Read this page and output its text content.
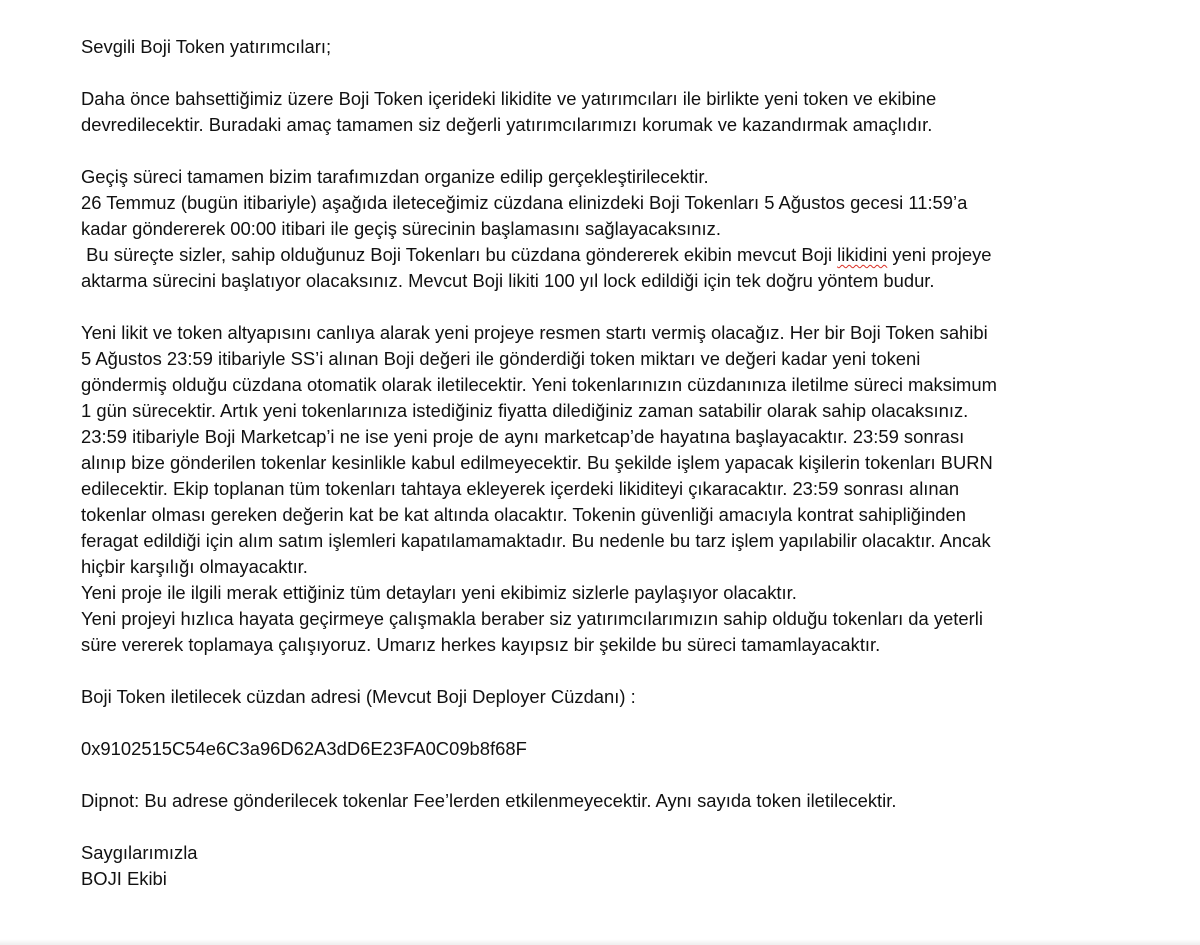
Sevgili Boji Token yatırımcıları;

Daha önce bahsettiğimiz üzere Boji Token içerideki likidite ve yatırımcıları ile birlikte yeni token ve ekibine
devredilecektir. Buradaki amaç tamamen siz değerli yatırımcılarımızı korumak ve kazandırmak amaçlıdır.

Geçiş süreci tamamen bizim tarafımızdan organize edilip gerçekleştirilecektir.
26 Temmuz (bugün itibariyle) aşağıda ileteceğimiz cüzdana elinizdeki Boji Tokenları 5 Ağustos gecesi 11:59’a
kadar göndererek 00:00 itibari ile geçiş sürecinin başlamasını sağlayacaksınız.

Bu süreçte sizler, sahip olduğunuz Boji Tokenları bu cüzdana göndererek ekibin mevcut Boji likidini yeni projeye
aktarma sürecini başlatıyor olacaksınız. Mevcut Boji likiti 100 yıl lock edildiği için tek doğru yöntem budur.

Yeni likit ve token altyapısını canlıya alarak yeni projeye resmen startı vermiş olacağız. Her bir Boji Token sahibi
5 Ağustos 23:59 itibariyle SS’i alınan Boji değeri ile gönderdiği token miktarı ve değeri kadar yeni tokeni
göndermiş olduğu cüzdana otomatik olarak iletilecektir. Yeni tokenlarınızın cüzdanınıza iletilme süreci maksimum
1 gün sürecektir. Artık yeni tokenlarınıza istediğiniz fiyatta dilediğiniz zaman satabilir olarak sahip olacaksınız.
23:59 itibariyle Boji Marketcap’i ne ise yeni proje de aynı marketcap’de hayatına başlayacaktır. 23:59 sonrası
alınıp bize gönderilen tokenlar kesinlikle kabul edilmeyecektir. Bu şekilde işlem yapacak kişilerin tokenları BURN
edilecektir. Ekip toplanan tüm tokenları tahtaya ekleyerek içerdeki likiditeyi çıkaracaktır. 23:59 sonrası alınan
tokenlar olması gereken değerin kat be kat altında olacaktır. Tokenin güvenliği amacıyla kontrat sahipliğinden
feragat edildiği için alım satım işlemleri kapatılamamaktadır. Bu nedenle bu tarz işlem yapılabilir olacaktır. Ancak
hiçbir karşılığı olmayacaktır.
Yeni proje ile ilgili merak ettiğiniz tüm detayları yeni ekibimiz sizlerle paylaşıyor olacaktır.
Yeni projeyi hızlıca hayata geçirmeye çalışmakla beraber siz yatırımcılarımızın sahip olduğu tokenları da yeterli
süre vererek toplamaya çalışıyoruz. Umarız herkes kayıpsız bir şekilde bu süreci tamamlayacaktır.

Boji Token iletilecek cüzdan adresi (Mevcut Boji Deployer Cüzdanı) :

0x9102515C54e6C3a96D62A3dD6E23FA0C09b8f68F

Dipnot: Bu adrese gönderilecek tokenlar Fee’lerden etkilenmeyecektir. Aynı sayıda token iletilecektir.

Saygılarımızla

BOJI Ekibi
